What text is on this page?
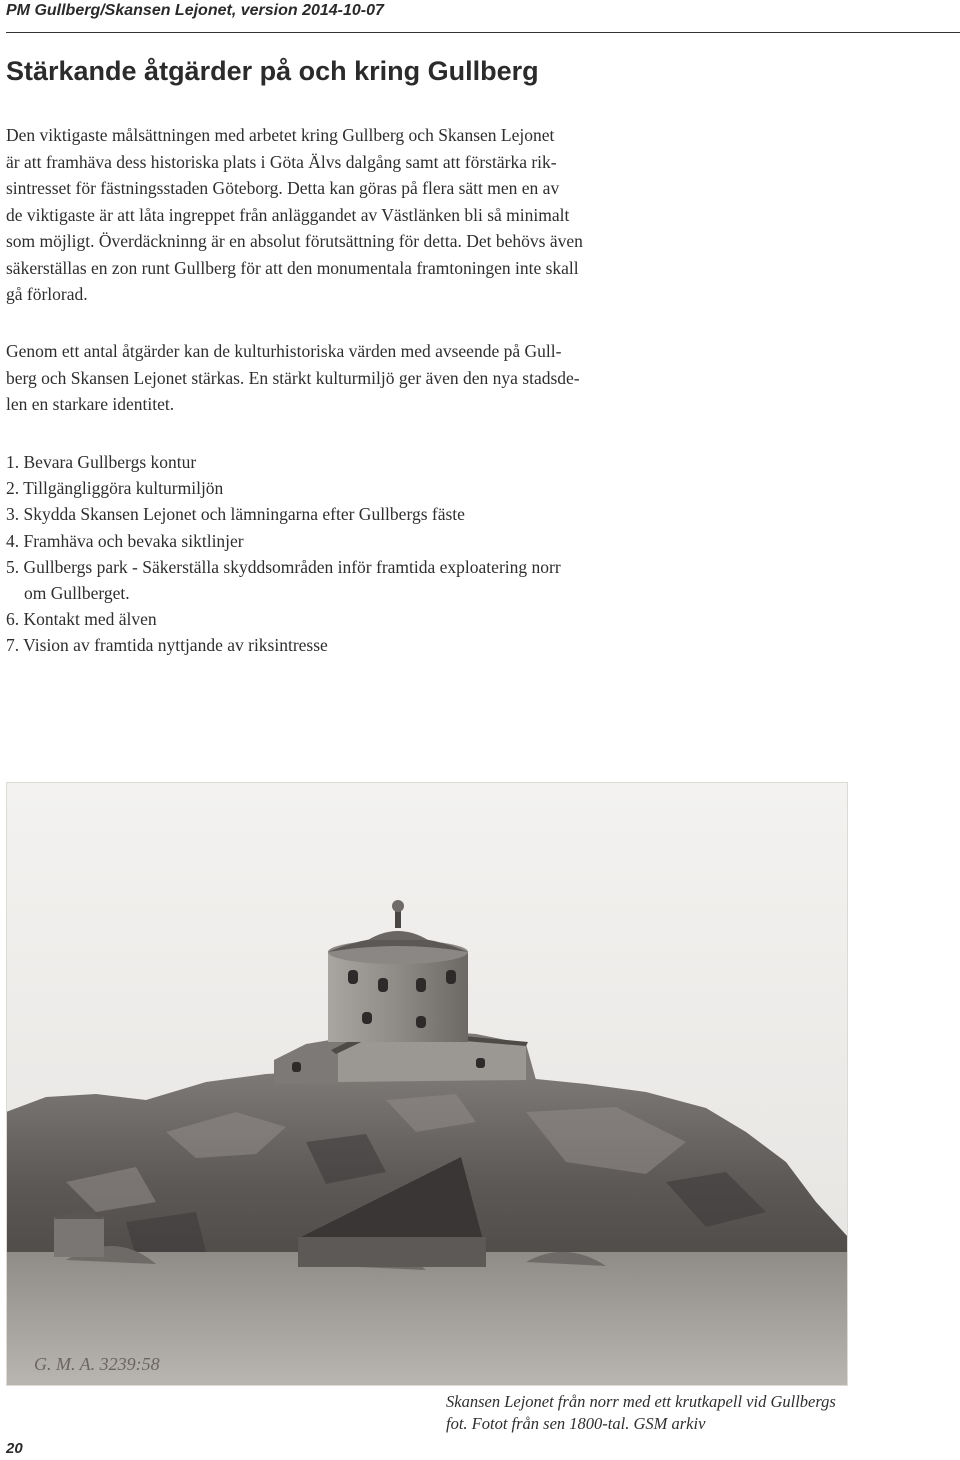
PM Gullberg/Skansen Lejonet, version 2014-10-07
Stärkande åtgärder på och kring Gullberg

Den viktigaste målsättningen med arbetet kring Gullberg och Skansen Lejonet
är att framhäva dess historiska plats i Göta Älvs dalgång samt att förstärka rik-
sintresset för fästningsstaden Göteborg. Detta kan göras på flera sätt men en av
de viktigaste är att låta ingreppet från anläggandet av Västlänken bli så minimalt
som möjligt. Överdäckninng är en absolut förutsättning för detta. Det behövs även
säkerställas en zon runt Gullberg för att den monumentala framtoningen inte skall
gå förlorad.

Genom ett antal åtgärder kan de kulturhistoriska värden med avseende på Gull-
berg och Skansen Lejonet stärkas. En stärkt kulturmiljö ger även den nya stadsde-
len en starkare identitet.

1. Bevara Gullbergs kontur
2. Tillgängliggöra kulturmiljön
3. Skydda Skansen Lejonet och lämningarna efter Gullbergs fäste
4. Framhäva och bevaka siktlinjer
5. Gullbergs park - Säkerställa skyddsområden inför framtida exploatering norr
om Gullberget.
6. Kontakt med älven
7. Vision av framtida nyttjande av riksintresse
G. M. A. 3239:58

Skansen Lejonet från norr med ett krutkapell vid Gullbergs
fot. Fotot från sen 1800-tal. GSM arkiv

20
